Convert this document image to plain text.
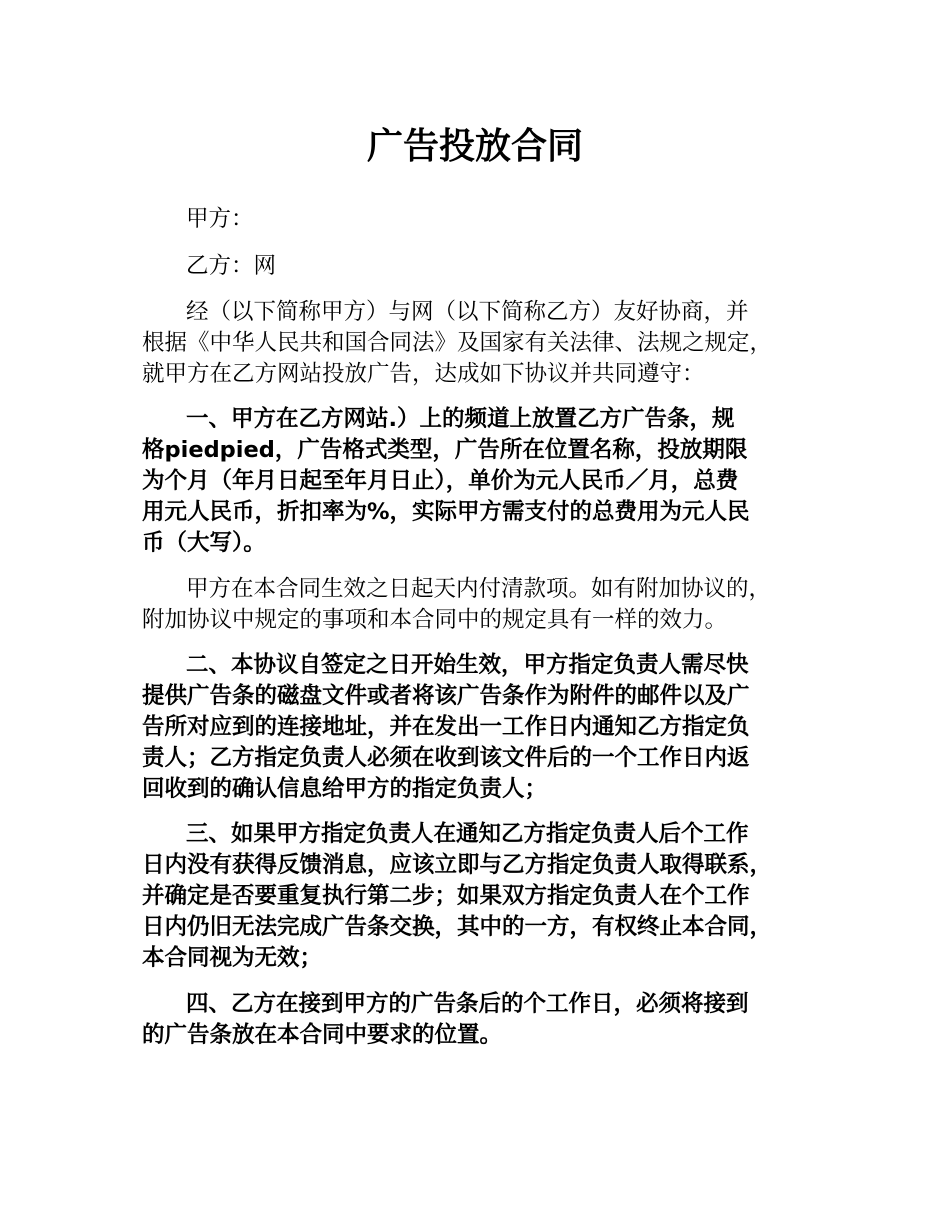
广告投放合同
甲方：
乙方：网
经（以下简称甲方）与网（以下简称乙方）友好协商，并
根据《中华人民共和国合同法》及国家有关法律、法规之规定，
就甲方在乙方网站投放广告，达成如下协议并共同遵守：
一、甲方在乙方网站.）上的频道上放置乙方广告条，规
格piedpied，广告格式类型，广告所在位置名称，投放期限
为个月（年月日起至年月日止），单价为元人民币／月，总费
用元人民币，折扣率为%，实际甲方需支付的总费用为元人民
币（大写）。
甲方在本合同生效之日起天内付清款项。如有附加协议的，
附加协议中规定的事项和本合同中的规定具有一样的效力。
二、本协议自签定之日开始生效，甲方指定负责人需尽快
提供广告条的磁盘文件或者将该广告条作为附件的邮件以及广
告所对应到的连接地址，并在发出一工作日内通知乙方指定负
责人；乙方指定负责人必须在收到该文件后的一个工作日内返
回收到的确认信息给甲方的指定负责人；
三、如果甲方指定负责人在通知乙方指定负责人后个工作
日内没有获得反馈消息，应该立即与乙方指定负责人取得联系，
并确定是否要重复执行第二步；如果双方指定负责人在个工作
日内仍旧无法完成广告条交换，其中的一方，有权终止本合同，
本合同视为无效；
四、乙方在接到甲方的广告条后的个工作日，必须将接到
的广告条放在本合同中要求的位置。
